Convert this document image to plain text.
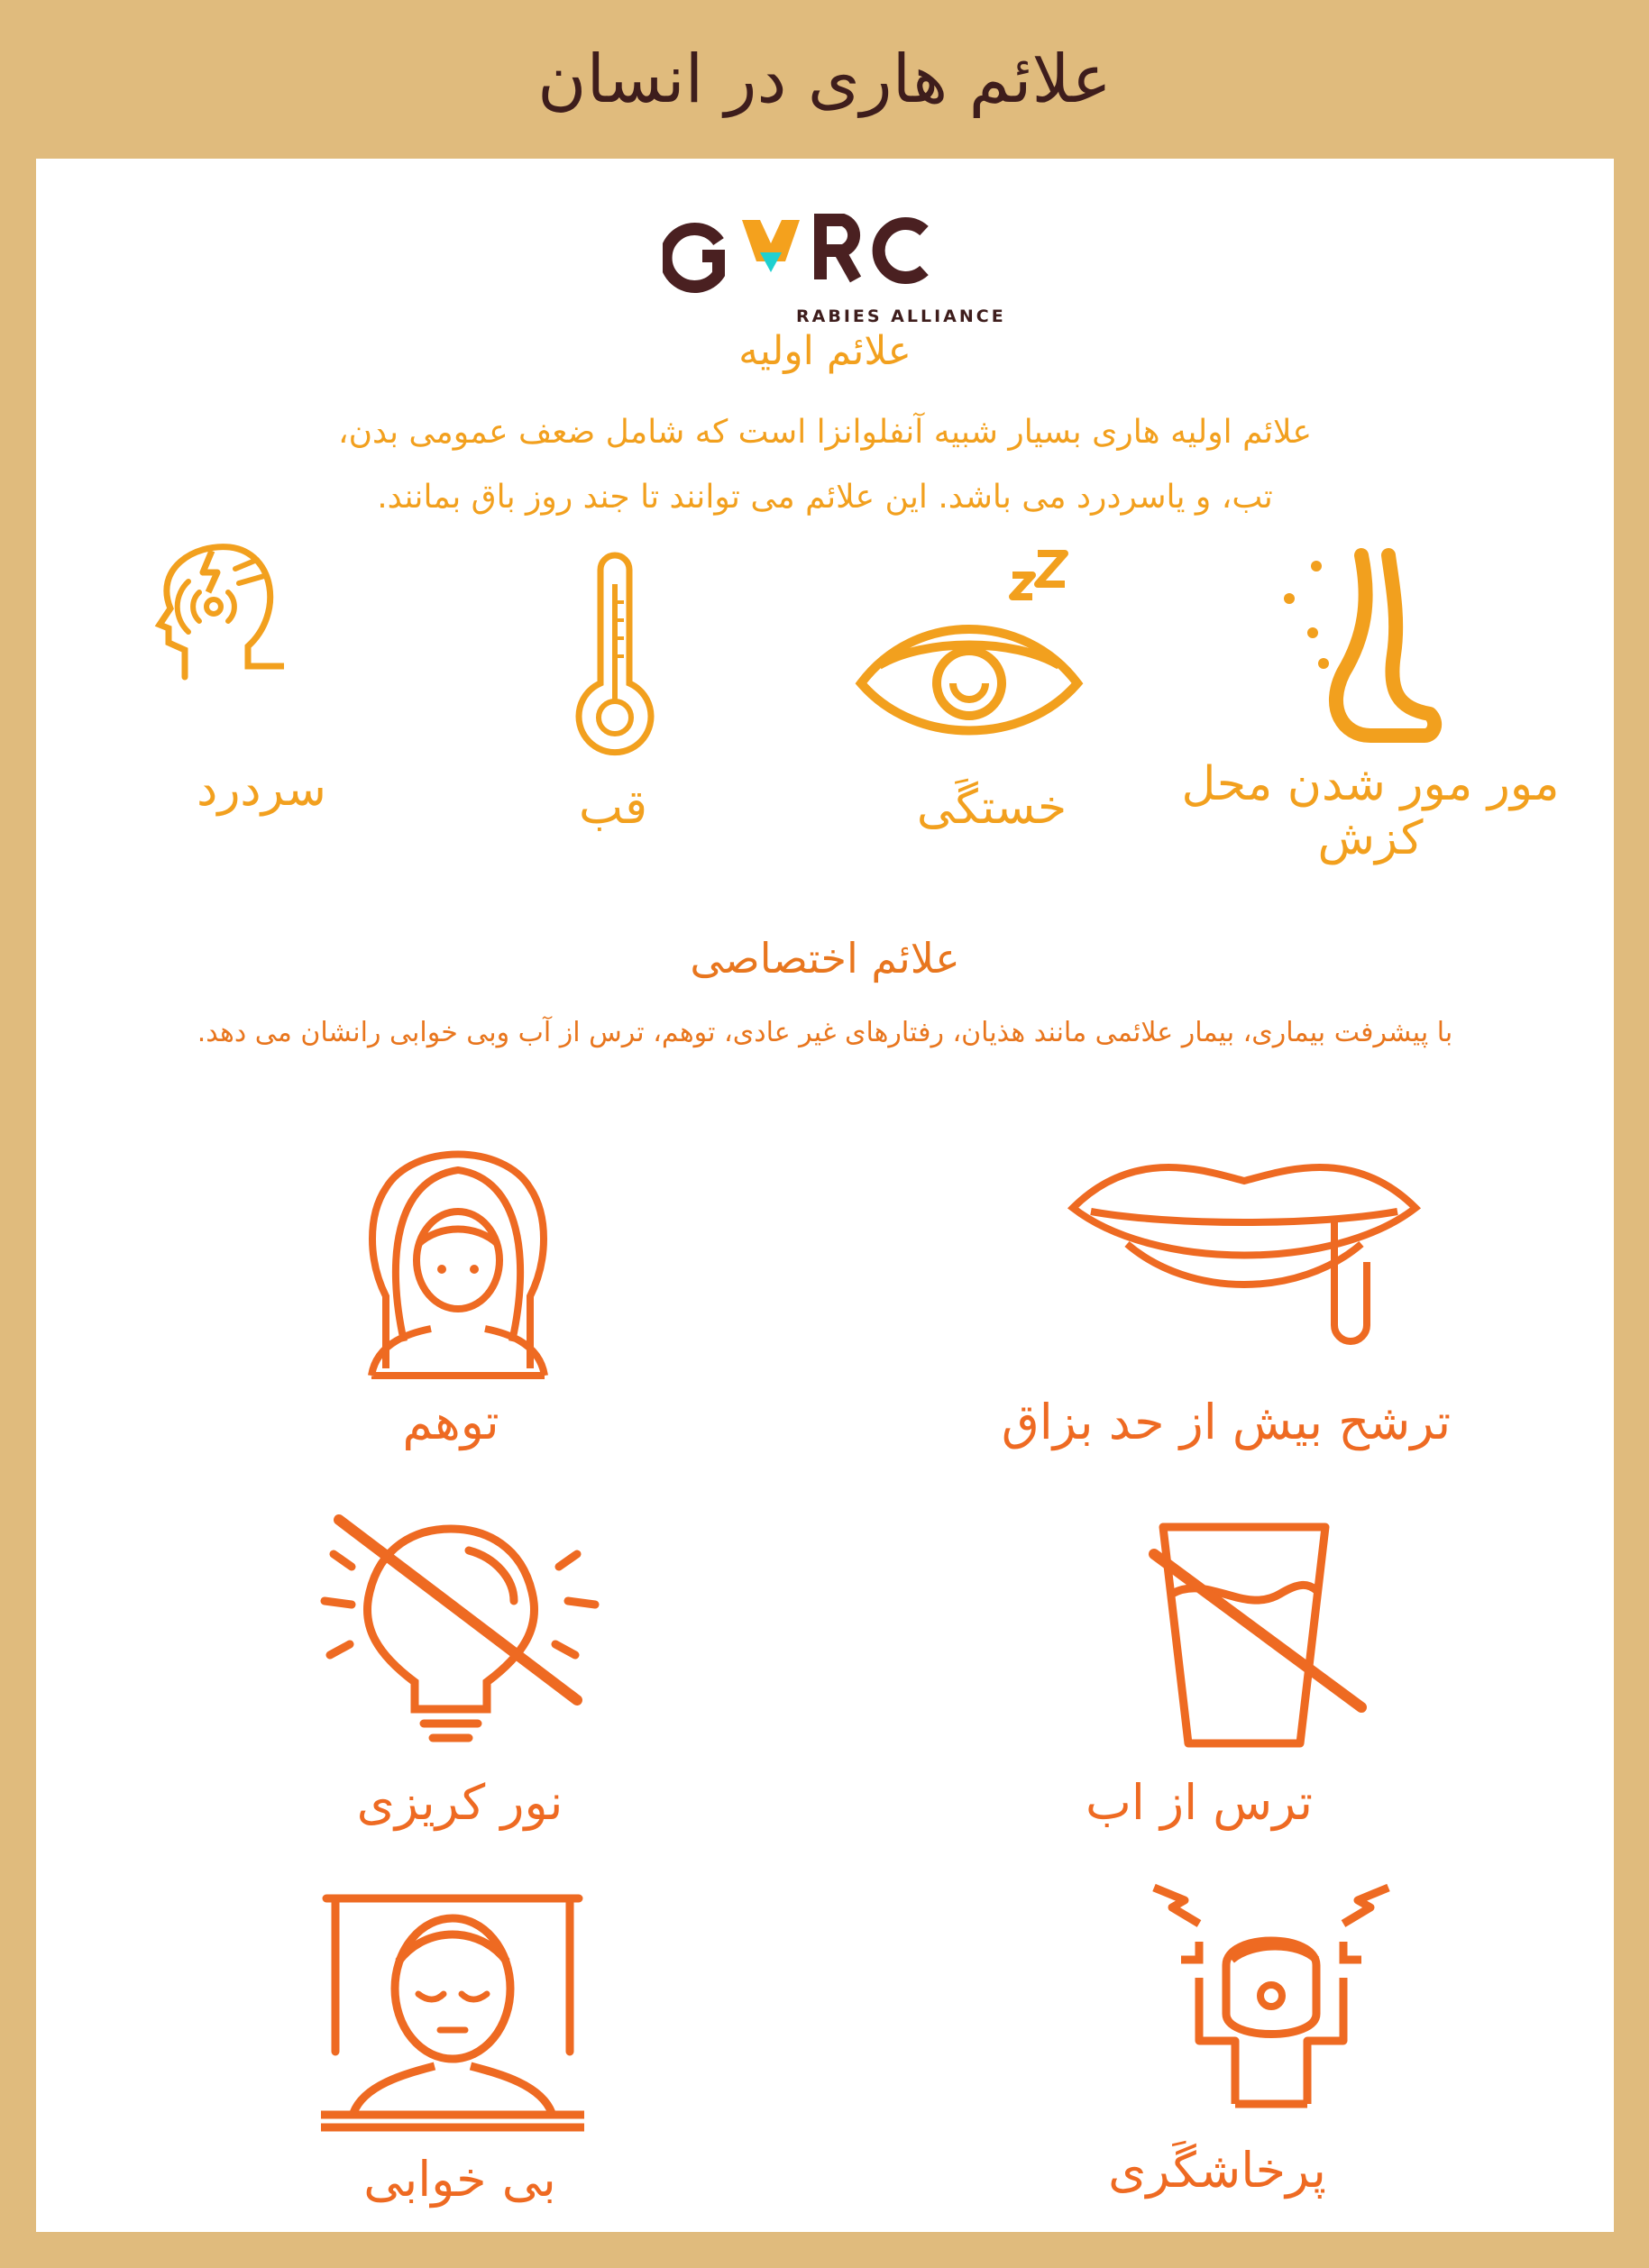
علائم هاری در انسان
RABIES ALLIANCE
علائم اولیه
علائم اولیه هاری بسیار شبیه آنفلوانزا است که شامل ضعف عمومی بدن،
تب، و یاسردرد می باشد. این علائم می توانند تا جند روز باق بمانند.
سردرد	قب	خستگَی	مور مور شدن محل کزش
علائم اختصاصی
با پیشرفت بیماری، بیمار علائمی مانند هذیان، رفتارهای غیر عادی، توهم، ترس از آب وبی خوابی رانشان می دهد.
توهم	ترشح بیش از حد بزاق
نور کریزی	ترس از اب
بی خوابی	پرخاشگَری
